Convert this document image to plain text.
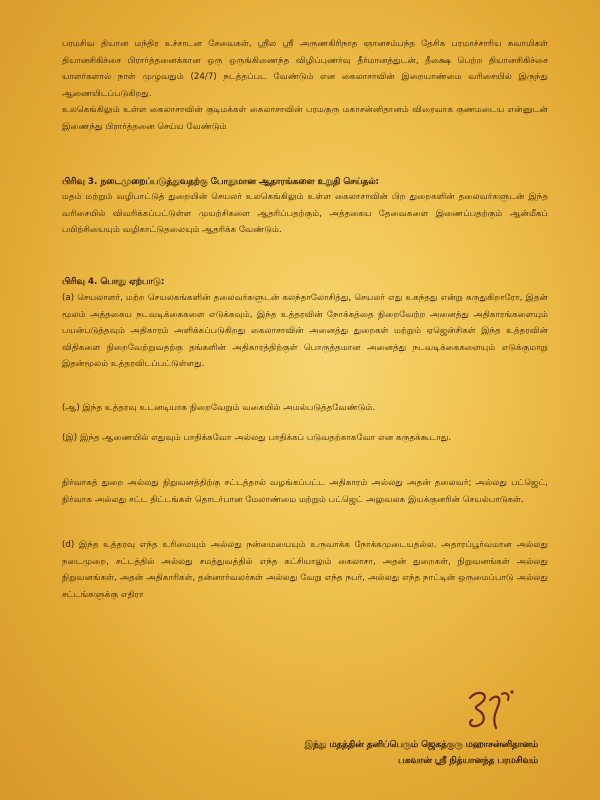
பரமசிவ தியான மந்திர உச்சாடன சேவைகள், ஸ்ரீல ஸ்ரீ அருணகிரிநாத ஞானசம்பந்த தேசிக பரமாச்சாரிய சுவாமிகள் தியானசிகிச்சை பிரார்த்தனைக்கான ஒரு ஒருங்கிணைந்த விழிப்புணர்வு தீர்மானத்துடன், தீக்ஷை பெற்ற தியானசிகிச்சை யாளர்களால் நாள் முழுவதும் (24/7) நடத்தப்பட வேண்டும் என கைலாசாவின் இறையாண்மை வரிசையில் இருந்து ஆணையிடப்படுகிறது.

உலகெங்கிலும் உள்ள கைலாசாவின் குடிமக்கள் கைலாசாவின் பரமகுரு மகாசன்னிதானம் விரைவாக குணமடைய என்னுடன் இணைந்து பிரார்த்தனை செய்ய வேண்டும்

பிரிவு 3. நடைமுறைப்படுத்துவதற்கு போதுமான ஆதாரங்களை உறுதி செய்தல்:

மதம் மற்றும் வழிபாட்டுத் துறையின் செயலர் உலகெங்கிலும் உள்ள கைலாசாவின் பிற துறைகளின் தலைவர்களுடன் இந்த வரிசையில் விவரிக்கப்பட்டுள்ள முயற்சிகளை ஆதரிப்பதற்கும், அத்தகைய தேவைகளை இணைப்பதற்கும் ஆன்மீகப் பயிற்சியையும் வழிகாட்டுதலையும் ஆதரிக்க வேண்டும்.

பிரிவு 4. பொது ஏற்பாடு:

(a) செயலாளர், மற்ற செயலகங்களின் தலைவர்களுடன் கலந்தாலோசித்து, செயலர் எது உகந்தது என்று கருதுகிறாரோ, இதன் மூலம் அத்தகைய நடவடிக்கைகளை எடுக்கவும், இந்த உத்தரவின் நோக்கத்தை நிறைவேற்ற அனைத்து அதிகாரங்களையும் பயன்படுத்தவும் அதிகாரம் அளிக்கப்படுகிறது கைலாசாவின் அனைத்து துறைகள் மற்றும் ஏஜென்சிகள் இந்த உத்தரவின் விதிகளை நிறைவேற்றுவதற்கு தங்களின் அதிகாரத்திற்குள் பொருத்தமான அனைத்து நடவடிக்கைகளையும் எடுக்குமாறு இதன்மூலம் உத்தரவிடப்பட்டுள்ளது.

(ஆ) இந்த உத்தரவு உடனடியாக நிறைவேறும் வகையில் அமல்படுத்தவேண்டும்.

(இ) இந்த ஆணையில் எதுவும் பாதிக்கவோ அல்லது பாதிக்கப் படுவதற்காகவோ என கருதக்கூடாது.

நிர்வாகத் துறை அல்லது நிறுவனத்திற்கு சட்டத்தால் வழங்கப்பட்ட அதிகாரம் அல்லது அதன் தலைவர்; அல்லது பட்ஜெட், நிர்வாக அல்லது சட்ட திட்டங்கள் தொடர்பான மேலாண்மை மற்றும் பட்ஜெட் அலுவலக இயக்குனரின் செயல்பாடுகள்.

(d) இந்த உத்தரவு எந்த உரிமையும் அல்லது நன்மையையும் உருவாக்க நோக்கமுடையதல்ல. அதாரப்பூர்வமான அல்லது நடைமுறை, சட்டத்தில் அல்லது சமத்துவத்தில் எந்த கட்சியாலும் கைலாசா, அதன் துறைகள், நிறுவனங்கள் அல்லது நிறுவனங்கள், அதன் அதிகாரிகள், தன்னார்வலர்கள் அல்லது வேறு எந்த நபர், அல்லது எந்த நாட்டின் ஒருமைப்பாடு அல்லது சட்டங்களுக்கு எதிரா

இந்து மதத்தின் தனிப்பெரும் ஜெகத்குரு மஹாசன்னிதானம்
பகவான் ஸ்ரீ நித்யானந்த பரமசிவம்
